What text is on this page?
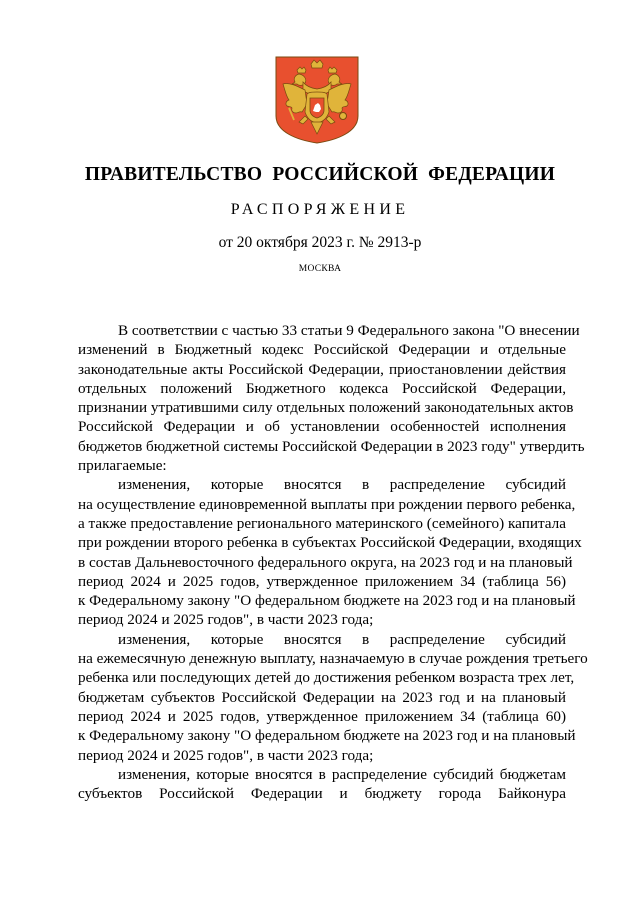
ПРАВИТЕЛЬСТВО РОССИЙСКОЙ ФЕДЕРАЦИИ
РАСПОРЯЖЕНИЕ
от 20 октября 2023 г. № 2913-р
МОСКВА

В соответствии с частью 33 статьи 9 Федерального закона "О внесении

изменений в Бюджетный кодекс Российской Федерации и отдельные

законодательные акты Российской Федерации, приостановлении действия

отдельных положений Бюджетного кодекса Российской Федерации,

признании утратившими силу отдельных положений законодательных актов

Российской Федерации и об установлении особенностей исполнения

бюджетов бюджетной системы Российской Федерации в 2023 году" утвердить

прилагаемые:

изменения, которые вносятся в распределение субсидий

на осуществление единовременной выплаты при рождении первого ребенка,

а также предоставление регионального материнского (семейного) капитала

при рождении второго ребенка в субъектах Российской Федерации, входящих

в состав Дальневосточного федерального округа, на 2023 год и на плановый

период 2024 и 2025 годов, утвержденное приложением 34 (таблица 56)

к Федеральному закону "О федеральном бюджете на 2023 год и на плановый

период 2024 и 2025 годов", в части 2023 года;

изменения, которые вносятся в распределение субсидий

на ежемесячную денежную выплату, назначаемую в случае рождения третьего

ребенка или последующих детей до достижения ребенком возраста трех лет,

бюджетам субъектов Российской Федерации на 2023 год и на плановый

период 2024 и 2025 годов, утвержденное приложением 34 (таблица 60)

к Федеральному закону "О федеральном бюджете на 2023 год и на плановый

период 2024 и 2025 годов", в части 2023 года;

изменения, которые вносятся в распределение субсидий бюджетам

субъектов Российской Федерации и бюджету города Байконура
